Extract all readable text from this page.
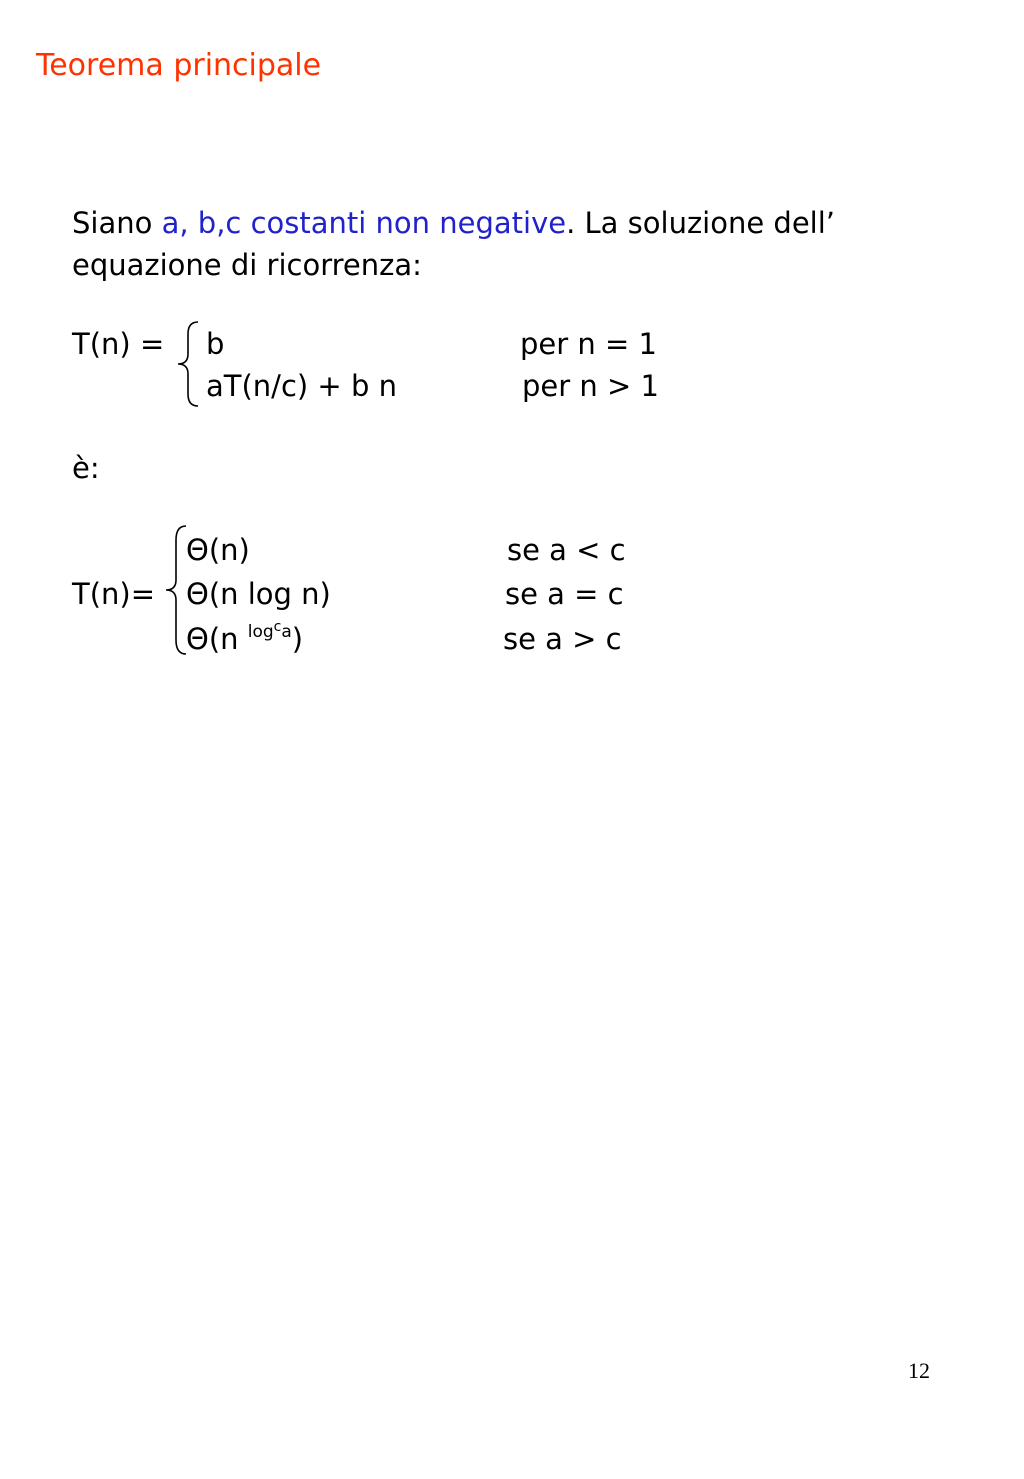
Teorema principale
Siano a, b,c costanti non negative. La soluzione dell’
equazione di ricorrenza:
T(n) = b	per n = 1
aT(n/c) + b n	per n > 1
è:
T(n)=
Θ(n)	se a < c
Θ(n log n)	se a = c
Θ(n $^{log^ca}$)	se a > c
12
